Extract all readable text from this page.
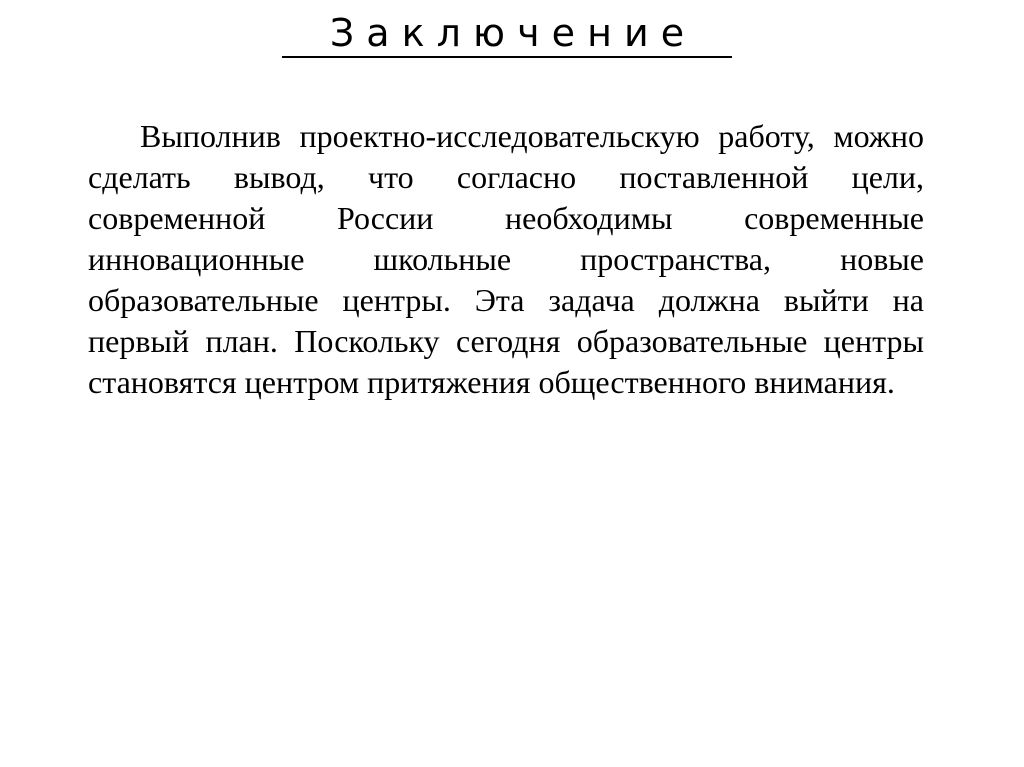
З а к л ю ч е н и е

Выполнив проектно-исследовательскую работу, можно сделать вывод, что согласно поставленной цели, современной России необходимы современные инновационные школьные пространства, новые образовательные центры. Эта задача должна выйти на первый план. Поскольку сегодня образовательные центры становятся центром притяжения общественного внимания.
